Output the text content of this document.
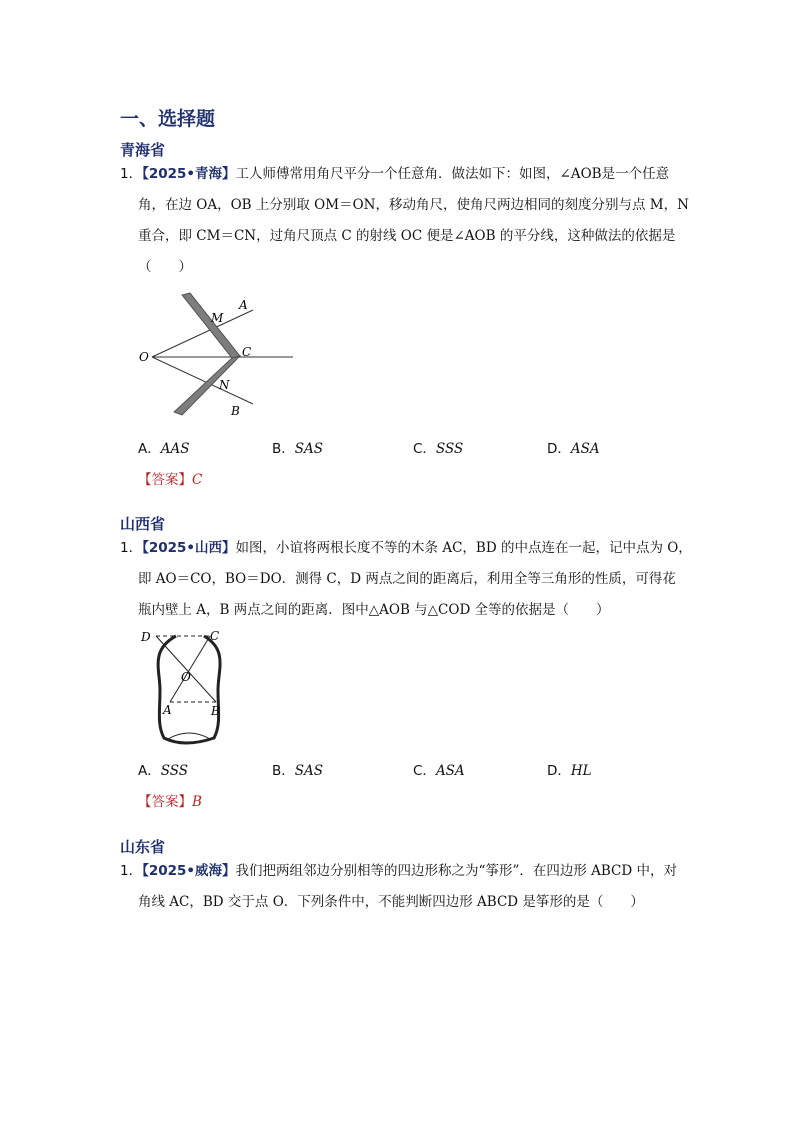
一、选择题
青海省
1．【2025•青海】工人师傅常用角尺平分一个任意角．做法如下：如图，∠AOB是一个任意
角，在边 OA，OB 上分别取 OM＝ON，移动角尺，使角尺两边相同的刻度分别与点 M，N
重合，即 CM＝CN，过角尺顶点 C 的射线 OC 便是∠AOB 的平分线，这种做法的依据是
（　　）
A
M
O	C
N
B
A．AAS	B．SAS	C．SSS	D．ASA
【答案】C
山西省
1．【2025•山西】如图，小谊将两根长度不等的木条 AC，BD 的中点连在一起，记中点为 O，
即 AO＝CO，BO＝DO．测得 C，D 两点之间的距离后，利用全等三角形的性质，可得花
瓶内壁上 A，B 两点之间的距离．图中△AOB 与△COD 全等的依据是（　　）
D	C
O
A	B
A．SSS	B．SAS	C．ASA	D．HL
【答案】B
山东省
1．【2025•威海】我们把两组邻边分别相等的四边形称之为“筝形”．在四边形 ABCD 中，对
角线 AC，BD 交于点 O．下列条件中，不能判断四边形 ABCD 是筝形的是（　　）
